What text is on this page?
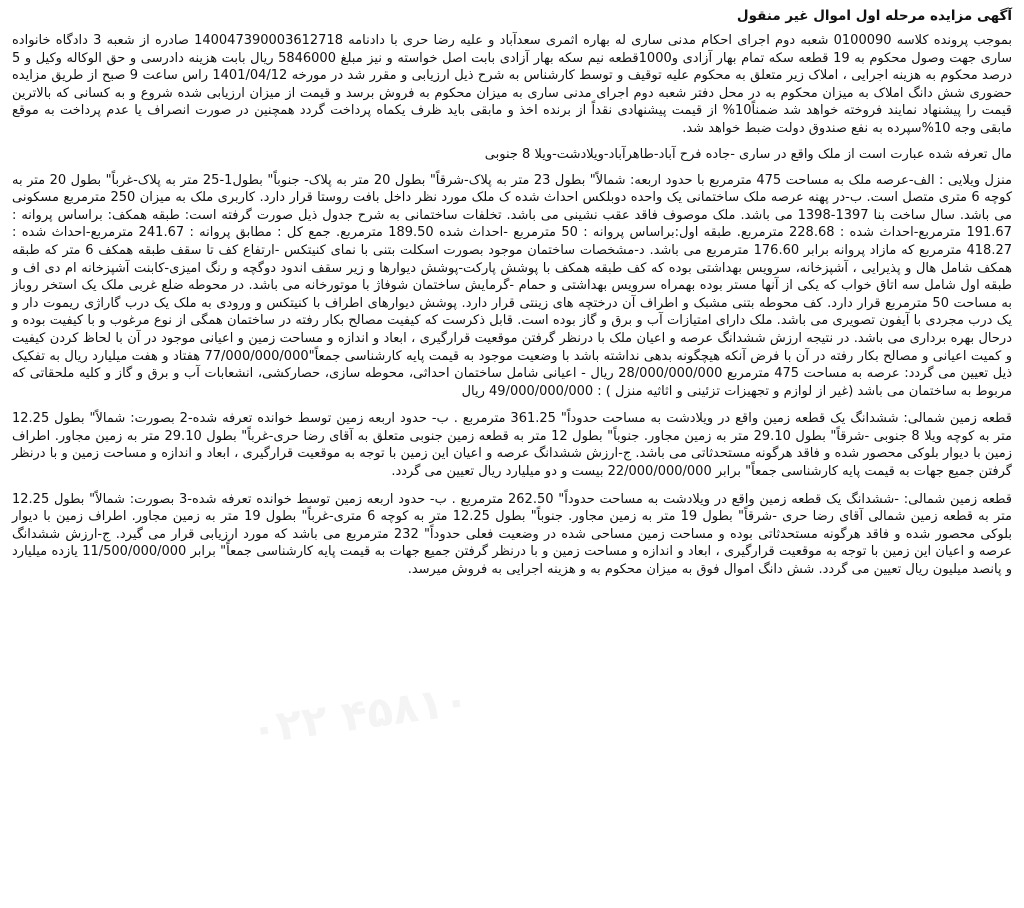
۰۲۲ ۴۵۸۱۰
آگهی مزایده مرحله اول اموال غیر منقول

بموجب پرونده کلاسه 0100090 شعبه دوم اجرای احکام مدنی ساری له بهاره اثمری سعدآباد و علیه رضا حری با دادنامه 140047390003612718 صادره از شعبه 3 دادگاه خانواده ساری جهت وصول محکوم به 19 قطعه سکه تمام بهار آزادی و1000قطعه نیم سکه بهار آزادی بابت اصل خواسته و نیز مبلغ 5846000 ریال بابت هزینه دادرسی و حق الوکاله وکیل و 5 درصد محکوم به هزینه اجرایی ، املاک زیر متعلق به محکوم علیه توقیف و توسط کارشناس به شرح ذیل ارزیابی و مقرر شد در مورخه 1401/04/12 راس ساعت 9 صبح از طریق مزایده حضوری شش دانگ املاک به میزان محکوم به در محل دفتر شعبه دوم اجرای مدنی ساری به میزان محکوم به فروش برسد و قیمت از میزان ارزیابی شده شروع و به کسانی که بالاترین قیمت را پیشنهاد نمایند فروخته خواهد شد ضمناً10% از قیمت پیشنهادی نقداً از برنده اخذ و مابقی باید ظرف یکماه پرداخت گردد همچنین در صورت انصراف یا عدم پرداخت به موقع مابقی وجه 10%سپرده به نفع صندوق دولت ضبط خواهد شد.

مال تعرفه شده عبارت است از ملک واقع در ساری -جاده فرح آباد-طاهرآباد-ویلادشت-ویلا 8 جنوبی

منزل ویلایی : الف-عرصه ملک به مساحت 475 مترمربع با حدود اربعه: شمالاً" بطول 23 متر به پلاک-شرقاً" بطول 20 متر به پلاک- جنوباً" بطول1-25 متر به پلاک-غرباً" بطول 20 متر به کوچه 6 متری متصل است. ب-در پهنه عرصه ملک ساختمانی یک واحده دوبلکس احداث شده ک ملک مورد نظر داخل بافت روستا قرار دارد. کاربری ملک به میزان 250 مترمربع مسکونی می باشد. سال ساخت بنا 1397-1398 می باشد. ملک موصوف فاقد عقب نشینی می باشد. تخلفات ساختمانی به شرح جدول ذیل صورت گرفته است: طبقه همکف: براساس پروانه : 191.67 مترمربع-احداث شده : 228.68 مترمربع. طبقه اول:براساس پروانه : 50 مترمربع -احداث شده 189.50 مترمربع. جمع کل : مطابق پروانه : 241.67 مترمربع-احداث شده : 418.27 مترمربع که مازاد پروانه برابر 176.60 مترمربع می باشد. د-مشخصات ساختمان موجود بصورت اسکلت بتنی با نمای کنیتکس -ارتفاع کف تا سقف طبقه همکف 6 متر که طبقه همکف شامل هال و پذیرایی ، آشپزخانه، سرویس بهداشتی بوده که کف طبقه همکف با پوشش پارکت-پوشش دیوارها و زیر سقف اندود دوگچه و رنگ امیزی-کابنت آشپزخانه ام دی اف و طبقه اول شامل سه اتاق خواب که یکی از آنها مستر بوده بهمراه سرویس بهداشتی و حمام -گرمایش ساختمان شوفاژ با موتورخانه می باشد. در محوطه ضلع غربی ملک یک استخر روباز به مساحت 50 مترمربع قرار دارد. کف محوطه بتنی مشبک و اطراف آن درختچه های زینتی قرار دارد. پوشش دیوارهای اطراف با کنیتکس و ورودی به ملک یک درب گاراژی ریموت دار و یک درب مجردی با آیفون تصویری می باشد. ملک دارای امتیازات آب و برق و گاز بوده است. قابل ذکرست که کیفیت مصالح بکار رفته در ساختمان همگی از نوع مرغوب و با کیفیت بوده و درحال بهره برداری می باشد. در نتیجه ارزش ششدانگ عرصه و اعیان ملک با درنظر گرفتن موقعیت قرارگیری ، ابعاد و اندازه و مساحت زمین و اعیانی موجود در آن با لحاظ کردن کیفیت و کمیت اعیانی و مصالح بکار رفته در آن با فرض آنکه هیچگونه بدهی نداشته باشد با وضعیت موجود به قیمت پایه کارشناسی جمعاً"77/000/000/000 هفتاد و هفت میلیارد ریال به تفکیک ذیل تعیین می گردد: عرصه به مساحت 475 مترمربع 28/000/000/000 ریال - اعیانی شامل ساختمان احداثی، محوطه سازی، حصارکشی، انشعابات آب و برق و گاز و کلیه ملحقاتی که مربوط به ساختمان می باشد (غیر از لوازم و تجهیزات تزئینی و اثاثیه منزل ) : 49/000/000/000 ریال

قطعه زمین شمالی: ششدانگ یک قطعه زمین واقع در ویلادشت به مساحت حدوداً" 361.25 مترمربع . ب- حدود اربعه زمین توسط خوانده تعرفه شده-2 بصورت: شمالاً" بطول 12.25 متر به کوچه ویلا 8 جنوبی -شرقاً" بطول 29.10 متر به زمین مجاور. جنوباً" بطول 12 متر به قطعه زمین جنوبی متعلق به آقای رضا حری-غرباً" بطول 29.10 متر به زمین مجاور. اطراف زمین با دیوار بلوکی محصور شده و فاقد هرگونه مستحدثاتی می باشد. ج-ارزش ششدانگ عرصه و اعیان این زمین با توجه به موقعیت قرارگیری ، ابعاد و اندازه و مساحت زمین و با درنظر گرفتن جمیع جهات به قیمت پایه کارشناسی جمعاً" برابر 22/000/000/000 بیست و دو میلیارد ریال تعیین می گردد.

قطعه زمین شمالی: -ششدانگ یک قطعه زمین واقع در ویلادشت به مساحت حدوداً" 262.50 مترمربع . ب- حدود اربعه زمین توسط خوانده تعرفه شده-3 بصورت: شمالاً" بطول 12.25 متر به قطعه زمین شمالی آقای رضا حری -شرقاً" بطول 19 متر به زمین مجاور. جنوباً" بطول 12.25 متر به کوچه 6 متری-غرباً" بطول 19 متر به زمین مجاور. اطراف زمین با دیوار بلوکی محصور شده و فاقد هرگونه مستحدثاتی بوده و مساحت زمین مساحی شده در وضعیت فعلی حدوداً" 232 مترمربع می باشد که مورد ارزیابی قرار می گیرد. ج-ارزش ششدانگ عرصه و اعیان این زمین با توجه به موقعیت قرارگیری ، ابعاد و اندازه و مساحت زمین و با درنظر گرفتن جمیع جهات به قیمت پایه کارشناسی جمعاً" برابر 11/500/000/000 یازده میلیارد و پانصد میلیون ریال تعیین می گردد. شش دانگ اموال فوق به میزان محکوم به و هزینه اجرایی به فروش میرسد.
